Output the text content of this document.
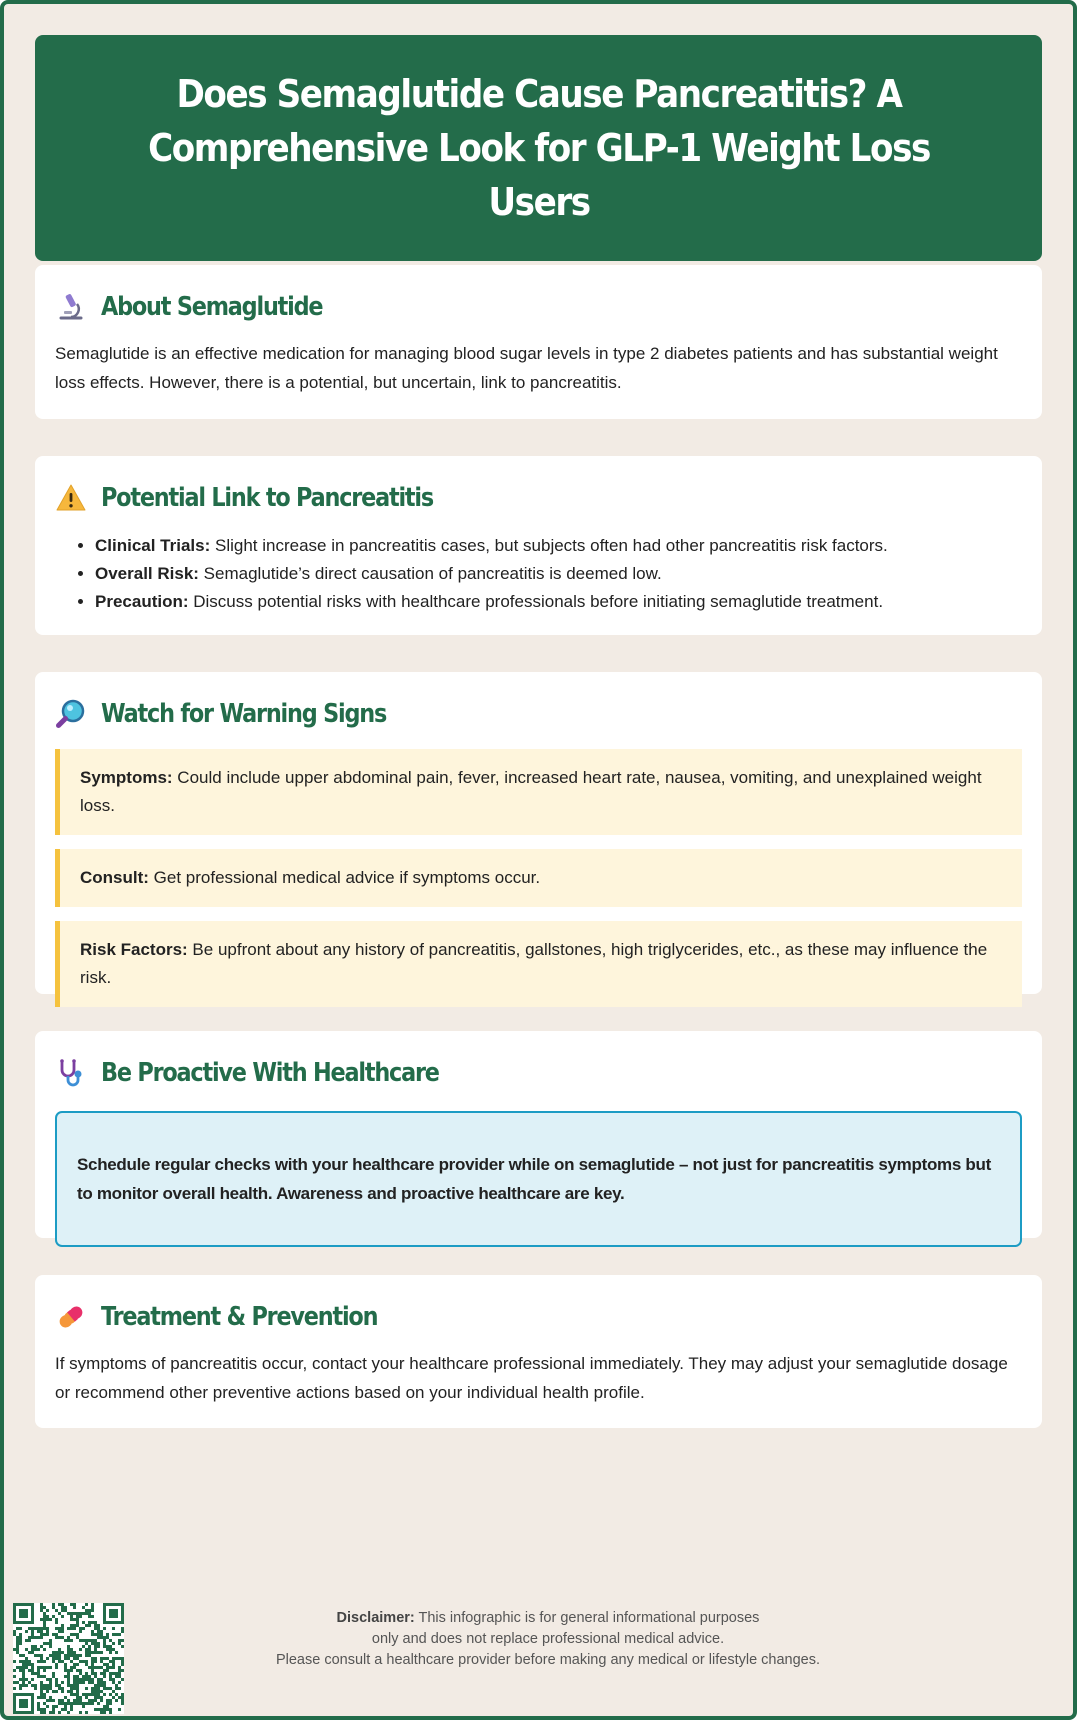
Does Semaglutide Cause Pancreatitis? A Comprehensive Look for GLP-1 Weight Loss Users
About Semaglutide

Semaglutide is an effective medication for managing blood sugar levels in type 2 diabetes patients and has substantial weight loss effects. However, there is a potential, but uncertain, link to pancreatitis.

Potential Link to Pancreatitis
• Clinical Trials: Slight increase in pancreatitis cases, but subjects often had other pancreatitis risk factors.
• Overall Risk: Semaglutide’s direct causation of pancreatitis is deemed low.
• Precaution: Discuss potential risks with healthcare professionals before initiating semaglutide treatment.
Watch for Warning Signs
Symptoms: Could include upper abdominal pain, fever, increased heart rate, nausea, vomiting, and unexplained weight loss.
Consult: Get professional medical advice if symptoms occur.
Risk Factors: Be upfront about any history of pancreatitis, gallstones, high triglycerides, etc., as these may influence the risk.
Be Proactive With Healthcare
Schedule regular checks with your healthcare provider while on semaglutide – not just for pancreatitis symptoms but to monitor overall health. Awareness and proactive healthcare are key.
Treatment & Prevention

If symptoms of pancreatitis occur, contact your healthcare professional immediately. They may adjust your semaglutide dosage or recommend other preventive actions based on your individual health profile.

Disclaimer: This infographic is for general informational purposes
only and does not replace professional medical advice.
Please consult a healthcare provider before making any medical or lifestyle changes.
